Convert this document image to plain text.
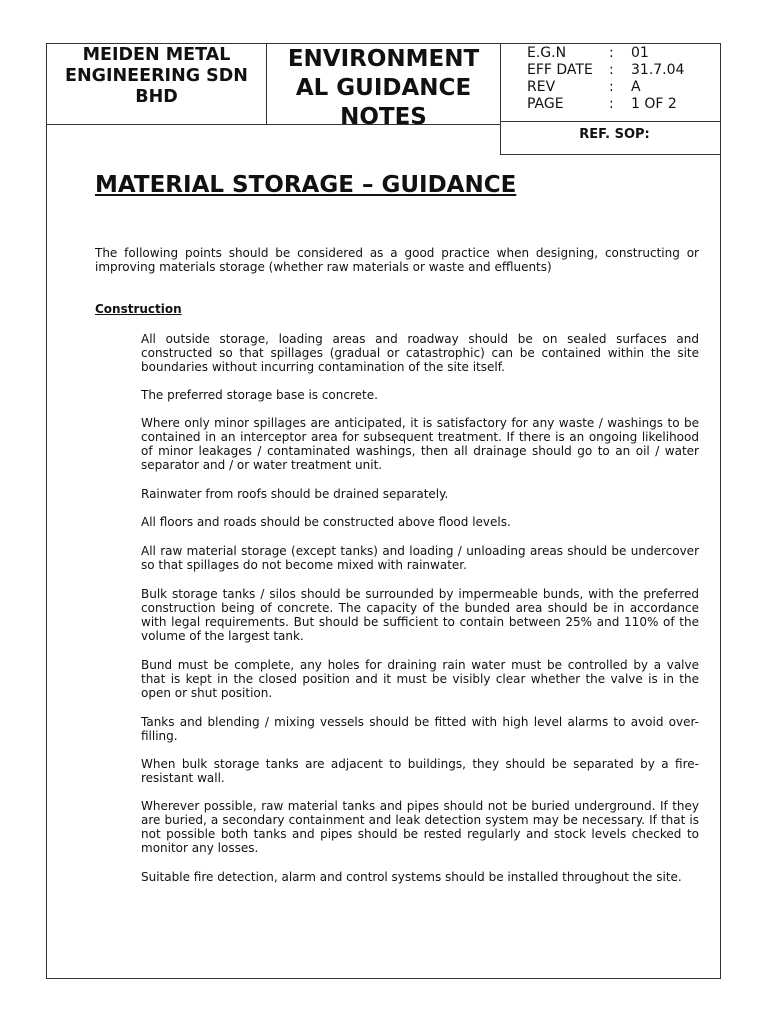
MEIDEN METAL
ENGINEERING SDN
BHD
ENVIRONMENT
AL GUIDANCE
NOTES
E.G.N	:	01
EFF DATE	:	31.7.04
REV	:	A
PAGE	:	1 OF 2
REF. SOP:
MATERIAL STORAGE – GUIDANCE

The following points should be considered as a good practice when designing, constructing or improving materials storage (whether raw materials or waste and effluents)

Construction

All outside storage, loading areas and roadway should be on sealed surfaces and constructed so that spillages (gradual or catastrophic) can be contained within the site boundaries without incurring contamination of the site itself.

The preferred storage base is concrete.

Where only minor spillages are anticipated, it is satisfactory for any waste / washings to be contained in an interceptor area for subsequent treatment. If there is an ongoing likelihood of minor leakages / contaminated washings, then all drainage should go to an oil / water separator and / or water treatment unit.

Rainwater from roofs should be drained separately.

All floors and roads should be constructed above flood levels.

All raw material storage (except tanks) and loading / unloading areas should be undercover so that spillages do not become mixed with rainwater.

Bulk storage tanks / silos should be surrounded by impermeable bunds, with the preferred construction being of concrete. The capacity of the bunded area should be in accordance with legal requirements. But should be sufficient to contain between 25% and 110% of the volume of the largest tank.

Bund must be complete, any holes for draining rain water must be controlled by a valve that is kept in the closed position and it must be visibly clear whether the valve is in the open or shut position.

Tanks and blending / mixing vessels should be fitted with high level alarms to avoid over-filling.

When bulk storage tanks are adjacent to buildings, they should be separated by a fire-resistant wall.

Wherever possible, raw material tanks and pipes should not be buried underground. If they are buried, a secondary containment and leak detection system may be necessary. If that is not possible both tanks and pipes should be rested regularly and stock levels checked to monitor any losses.

Suitable fire detection, alarm and control systems should be installed throughout the site.
